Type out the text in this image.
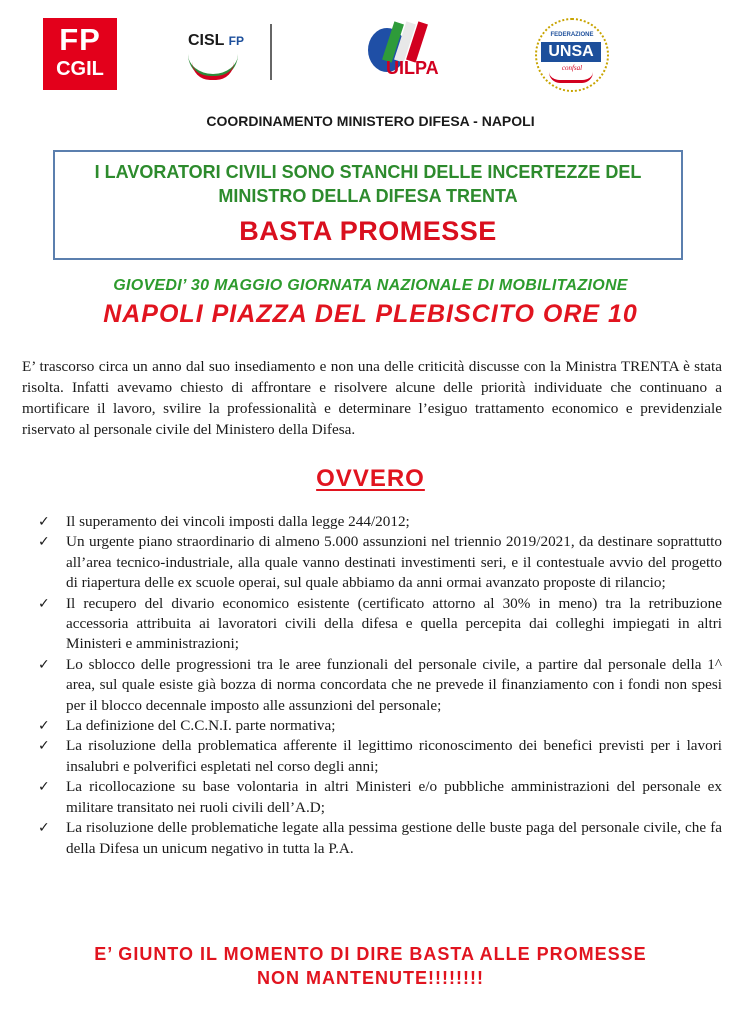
FP
CGIL
CISL FP
UILPA
FEDERAZIONE
UNSA
confsal
COORDINAMENTO MINISTERO DIFESA - NAPOLI
I LAVORATORI CIVILI SONO STANCHI DELLE INCERTEZZE DEL
MINISTRO DELLA DIFESA TRENTA
BASTA PROMESSE
GIOVEDI’ 30 MAGGIO GIORNATA NAZIONALE DI MOBILITAZIONE
NAPOLI PIAZZA DEL PLEBISCITO ORE 10
E’ trascorso circa un anno dal suo insediamento e non una delle criticità discusse con la Ministra TRENTA è stata risolta. Infatti avevamo chiesto di affrontare e risolvere alcune delle priorità individuate che continuano a mortificare il lavoro, svilire la professionalità e determinare l’esiguo trattamento economico e previdenziale riservato al personale civile del Ministero della Difesa.
OVVERO
✓	Il superamento dei vincoli imposti dalla legge 244/2012;
✓	Un urgente piano straordinario di almeno 5.000 assunzioni nel triennio 2019/2021, da destinare soprattutto all’area tecnico-industriale, alla quale vanno destinati investimenti seri, e il contestuale avvio del progetto di riapertura delle ex scuole operai, sul quale abbiamo da anni ormai avanzato proposte di rilancio;
✓	Il recupero del divario economico esistente (certificato attorno al 30% in meno) tra la retribuzione accessoria attribuita ai lavoratori civili della difesa e quella percepita dai colleghi impiegati in altri Ministeri e amministrazioni;
✓	Lo sblocco delle progressioni tra le aree funzionali del personale civile, a partire dal personale della 1^ area, sul quale esiste già bozza di norma concordata che ne prevede il finanziamento con i fondi non spesi per il blocco decennale imposto alle assunzioni del personale;
✓	La definizione del C.C.N.I. parte normativa;
✓	La risoluzione della problematica afferente il legittimo riconoscimento dei benefici previsti per i lavori insalubri e polverifici espletati nel corso degli anni;
✓	La ricollocazione su base volontaria in altri Ministeri e/o pubbliche amministrazioni del personale ex militare transitato nei ruoli civili dell’A.D;
✓	La risoluzione delle problematiche legate alla pessima gestione delle buste paga del personale civile, che fa della Difesa un unicum negativo in tutta la P.A.
E’ GIUNTO IL MOMENTO DI DIRE BASTA ALLE PROMESSE
NON MANTENUTE!!!!!!!!
